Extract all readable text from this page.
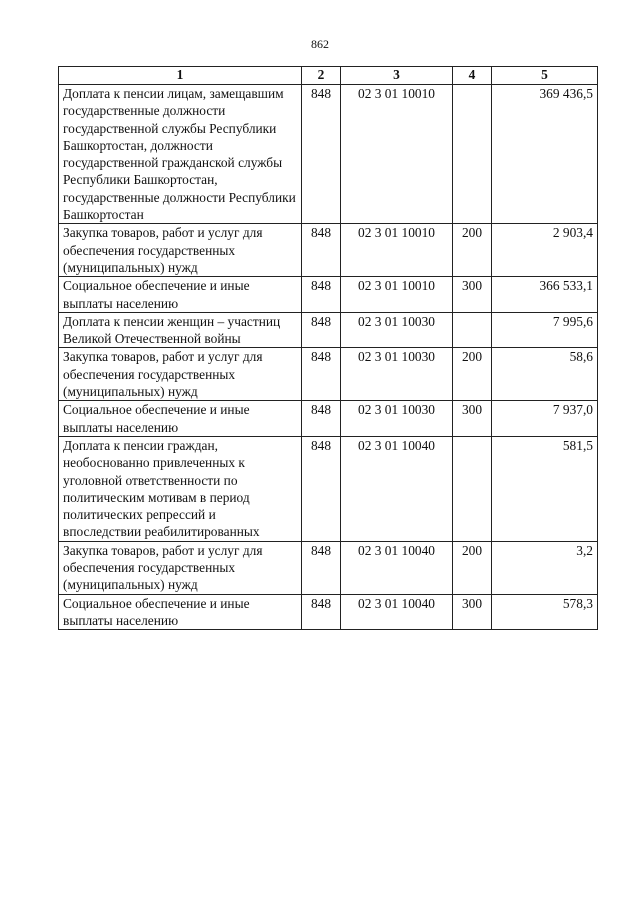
862
1	2	3	4	5
Доплата к пенсии лицам, замещавшим государственные должности государственной службы Республики Башкортостан, должности государственной гражданской службы Республики Башкортостан, государственные должности Республики Башкортостан	848	02 3 01 10010		369 436,5
Закупка товаров, работ и услуг для обеспечения государственных (муниципальных) нужд	848	02 3 01 10010	200	2 903,4
Социальное обеспечение и иные выплаты населению	848	02 3 01 10010	300	366 533,1
Доплата к пенсии женщин – участниц Великой Отечественной войны	848	02 3 01 10030		7 995,6
Закупка товаров, работ и услуг для обеспечения государственных (муниципальных) нужд	848	02 3 01 10030	200	58,6
Социальное обеспечение и иные выплаты населению	848	02 3 01 10030	300	7 937,0
Доплата к пенсии граждан, необоснованно привлеченных к уголовной ответственности по политическим мотивам в период политических репрессий и впоследствии реабилитированных	848	02 3 01 10040		581,5
Закупка товаров, работ и услуг для обеспечения государственных (муниципальных) нужд	848	02 3 01 10040	200	3,2
Социальное обеспечение и иные выплаты населению	848	02 3 01 10040	300	578,3
